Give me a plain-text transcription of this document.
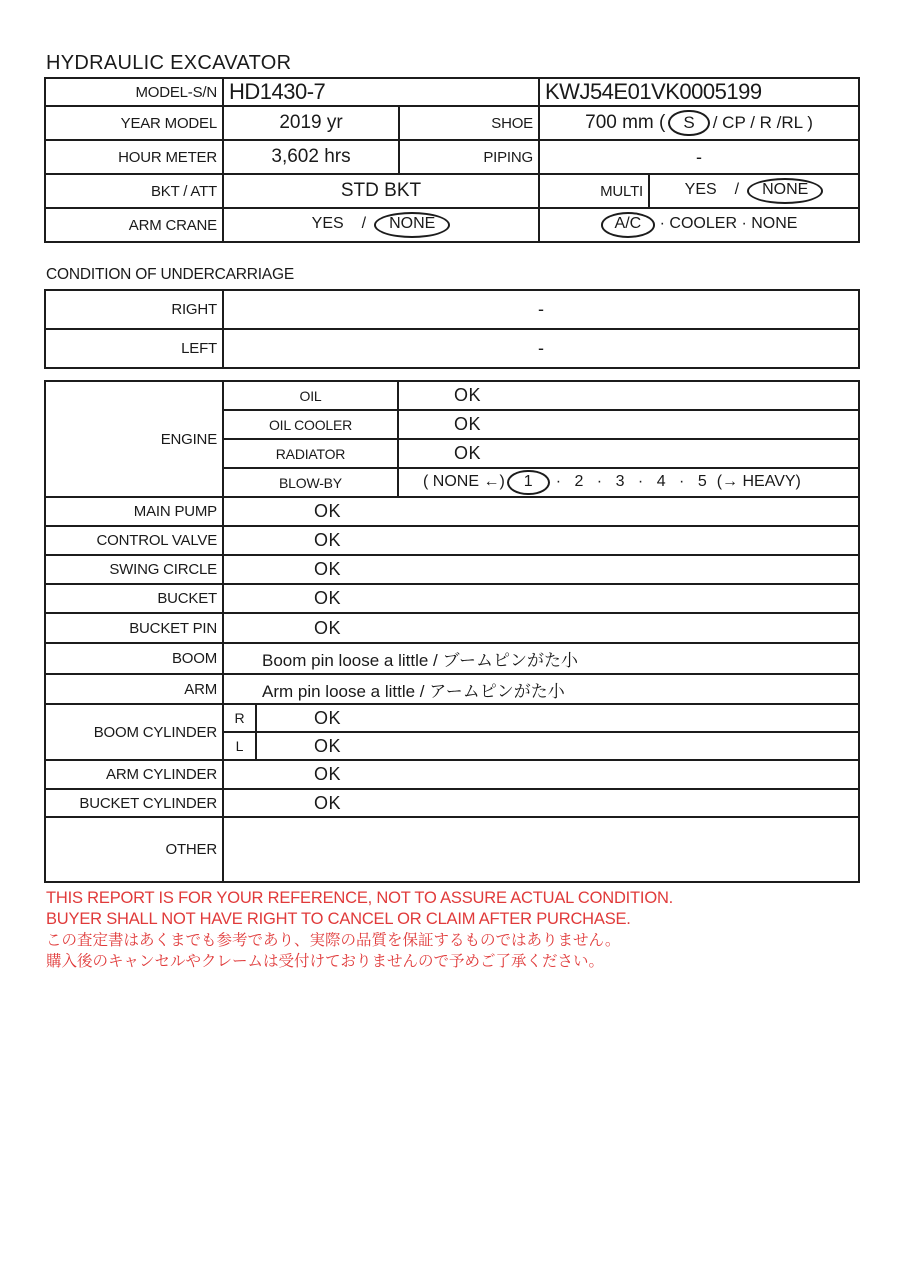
HYDRAULIC EXCAVATOR
MODEL-S/N	HD1430-7		KWJ54E01VK0005199	
YEAR MODEL	2019 yr	SHOE	700 mm ( S / CP / R /RL )	
HOUR METER	3,602 hrs	PIPING	-	
BKT / ATT	STD BKT		MULTI	YES / NONE
ARM CRANE	YES / NONE		A/C · COOLER · NONE	
CONDITION OF UNDERCARRIAGE
RIGHT	-
LEFT	-
ENGINE	OIL		OK
	OIL COOLER		OK
	RADIATOR		OK
	BLOW-BY		( NONE ←) 1 · 2 · 3 · 4 · 5 (→ HEAVY)
MAIN PUMP	OK		
CONTROL VALVE	OK		
SWING CIRCLE	OK		
BUCKET	OK		
BUCKET PIN	OK		
BOOM	Boom pin loose a little / ブームピンがた小		
ARM	Arm pin loose a little / アームピンがた小		
BOOM CYLINDER	R	OK	
	L	OK	
ARM CYLINDER	OK		
BUCKET CYLINDER	OK		
OTHER			
THIS REPORT IS FOR YOUR REFERENCE, NOT TO ASSURE ACTUAL CONDITION.
BUYER SHALL NOT HAVE RIGHT TO CANCEL OR CLAIM AFTER PURCHASE.
この査定書はあくまでも参考であり、実際の品質を保証するものではありません。
購入後のキャンセルやクレームは受付けておりませんので予めご了承ください。
